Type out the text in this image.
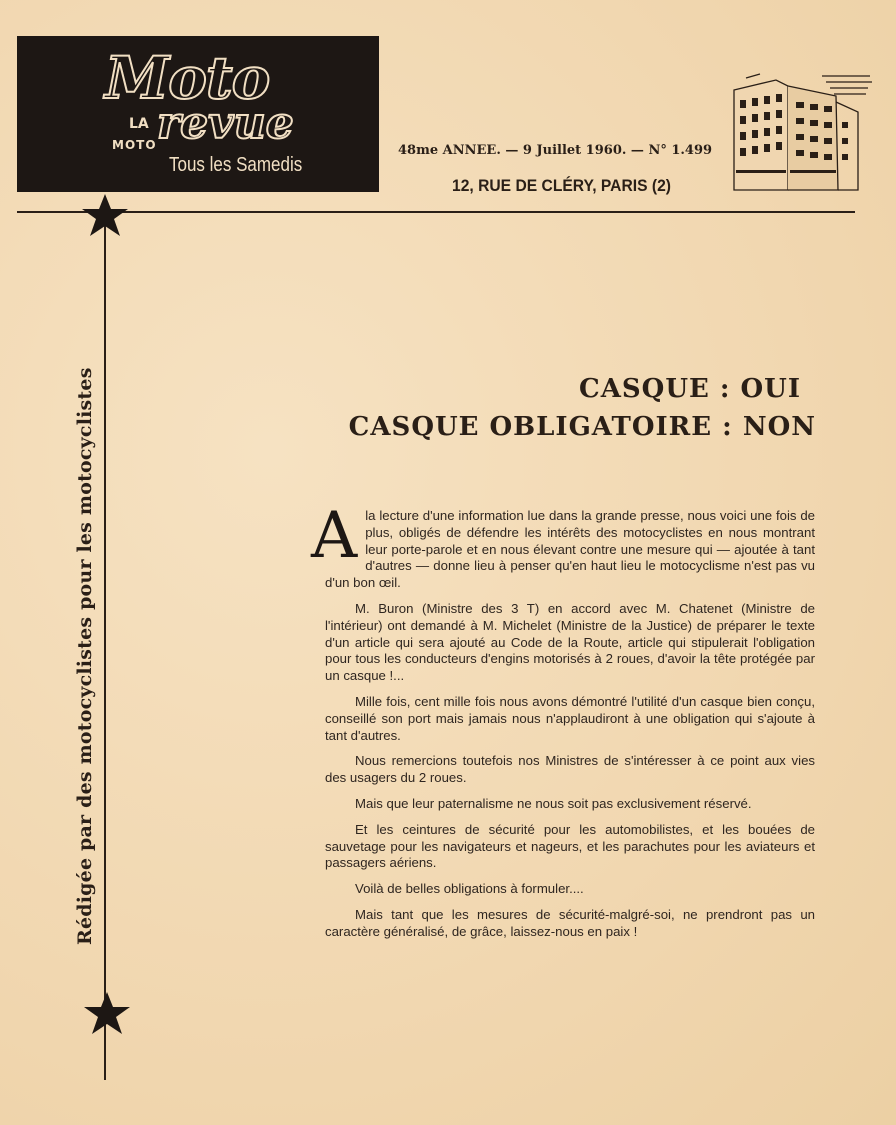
Moto
LA
MOTO revue
Tous les Samedis
48me ANNEE. — 9 Juillet 1960. — N° 1.499
12, RUE DE CLÉRY, PARIS (2)
Rédigée par des motocyclistes pour les motocyclistes	CASQUE : OUI
CASQUE OBLIGATOIRE : NON

Ala lecture d'une information lue dans la grande presse, nous voici une fois de plus, obligés de défendre les intérêts des motocyclistes en nous montrant leur porte-parole et en nous élevant contre une mesure qui — ajoutée à tant d'autres — donne lieu à penser qu'en haut lieu le motocyclisme n'est pas vu d'un bon œil.

M. Buron (Ministre des 3 T) en accord avec M. Chatenet (Ministre de l'intérieur) ont demandé à M. Michelet (Ministre de la Justice) de préparer le texte d'un article qui sera ajouté au Code de la Route, article qui stipulerait l'obligation pour tous les conducteurs d'engins motorisés à 2 roues, d'avoir la tête protégée par un casque !...

Mille fois, cent mille fois nous avons démontré l'utilité d'un casque bien conçu, conseillé son port mais jamais nous n'applaudiront à une obligation qui s'ajoute à tant d'autres.

Nous remercions toutefois nos Ministres de s'intéresser à ce point aux vies des usagers du 2 roues.

Mais que leur paternalisme ne nous soit pas exclusivement réservé.

Et les ceintures de sécurité pour les automobilistes, et les bouées de sauvetage pour les navigateurs et nageurs, et les parachutes pour les aviateurs et passagers aériens.

Voilà de belles obligations à formuler....

Mais tant que les mesures de sécurité-malgré-soi, ne prendront pas un caractère généralisé, de grâce, laissez-nous en paix !
